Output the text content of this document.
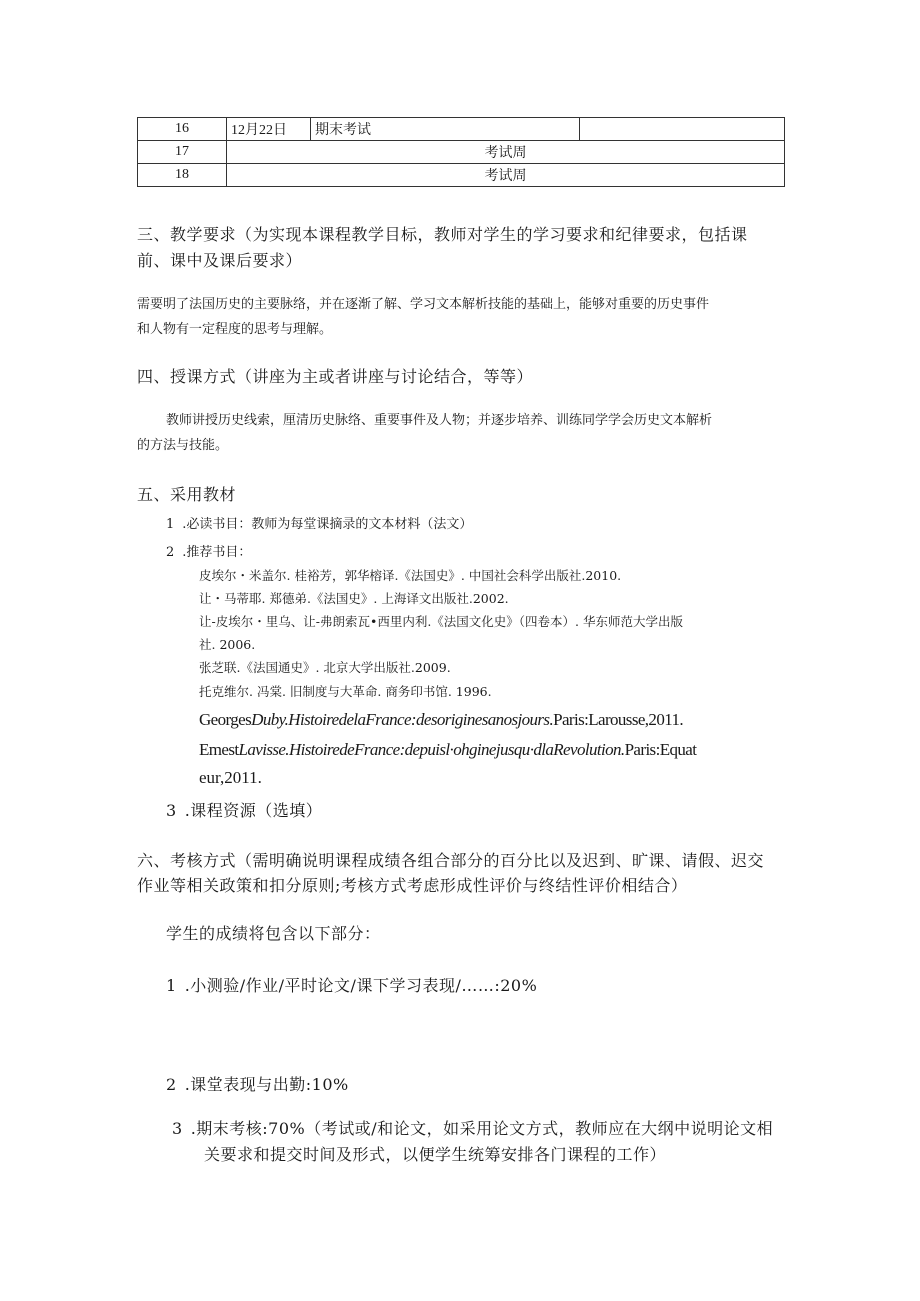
16	12月22日	期末考试	
17	考试周		
18	考试周		
三、教学要求（为实现本课程教学目标，教师对学生的学习要求和纪律要求，包括课
前、课中及课后要求）
需要明了法国历史的主要脉络，并在逐渐了解、学习文本解析技能的基础上，能够对重要的历史事件
和人物有一定程度的思考与理解。
四、授课方式（讲座为主或者讲座与讨论结合，等等）
教师讲授历史线索，厘清历史脉络、重要事件及人物；并逐步培养、训练同学学会历史文本解析
的方法与技能。
五、采用教材
1 .必读书目：教师为每堂课摘录的文本材料（法文）
2 .推荐书目：
皮埃尔・米盖尔. 桂裕芳，郭华榕译.《法国史》. 中国社会科学出版社.2010.
让・马蒂耶. 郑德弟.《法国史》. 上海译文出版社.2002.
让-皮埃尔・里乌、让-弗朗索瓦•西里内利.《法国文化史》（四卷本）. 华东师范大学出版
社. 2006.
张芝联.《法国通史》. 北京大学出版社.2009.
托克维尔. 冯棠. 旧制度与大革命. 商务印书馆. 1996.
GeorgesDuby.HistoiredelaFrance:desoriginesanosjours.Paris:Larousse,2011.
EmestLavisse.HistoiredeFrance:depuisl·ohginejusqu·dlaRevolution.Paris:Equat
eur,2011.
3 .课程资源（选填）
六、考核方式（需明确说明课程成绩各组合部分的百分比以及迟到、旷课、请假、迟交
作业等相关政策和扣分原则;考核方式考虑形成性评价与终结性评价相结合）
学生的成绩将包含以下部分：
1 .小测验/作业/平时论文/课下学习表现/……:20%
2 .课堂表现与出勤:10%
3 .期末考核:70%（考试或/和论文，如采用论文方式，教师应在大纲中说明论文相
关要求和提交时间及形式，以便学生统筹安排各门课程的工作）
